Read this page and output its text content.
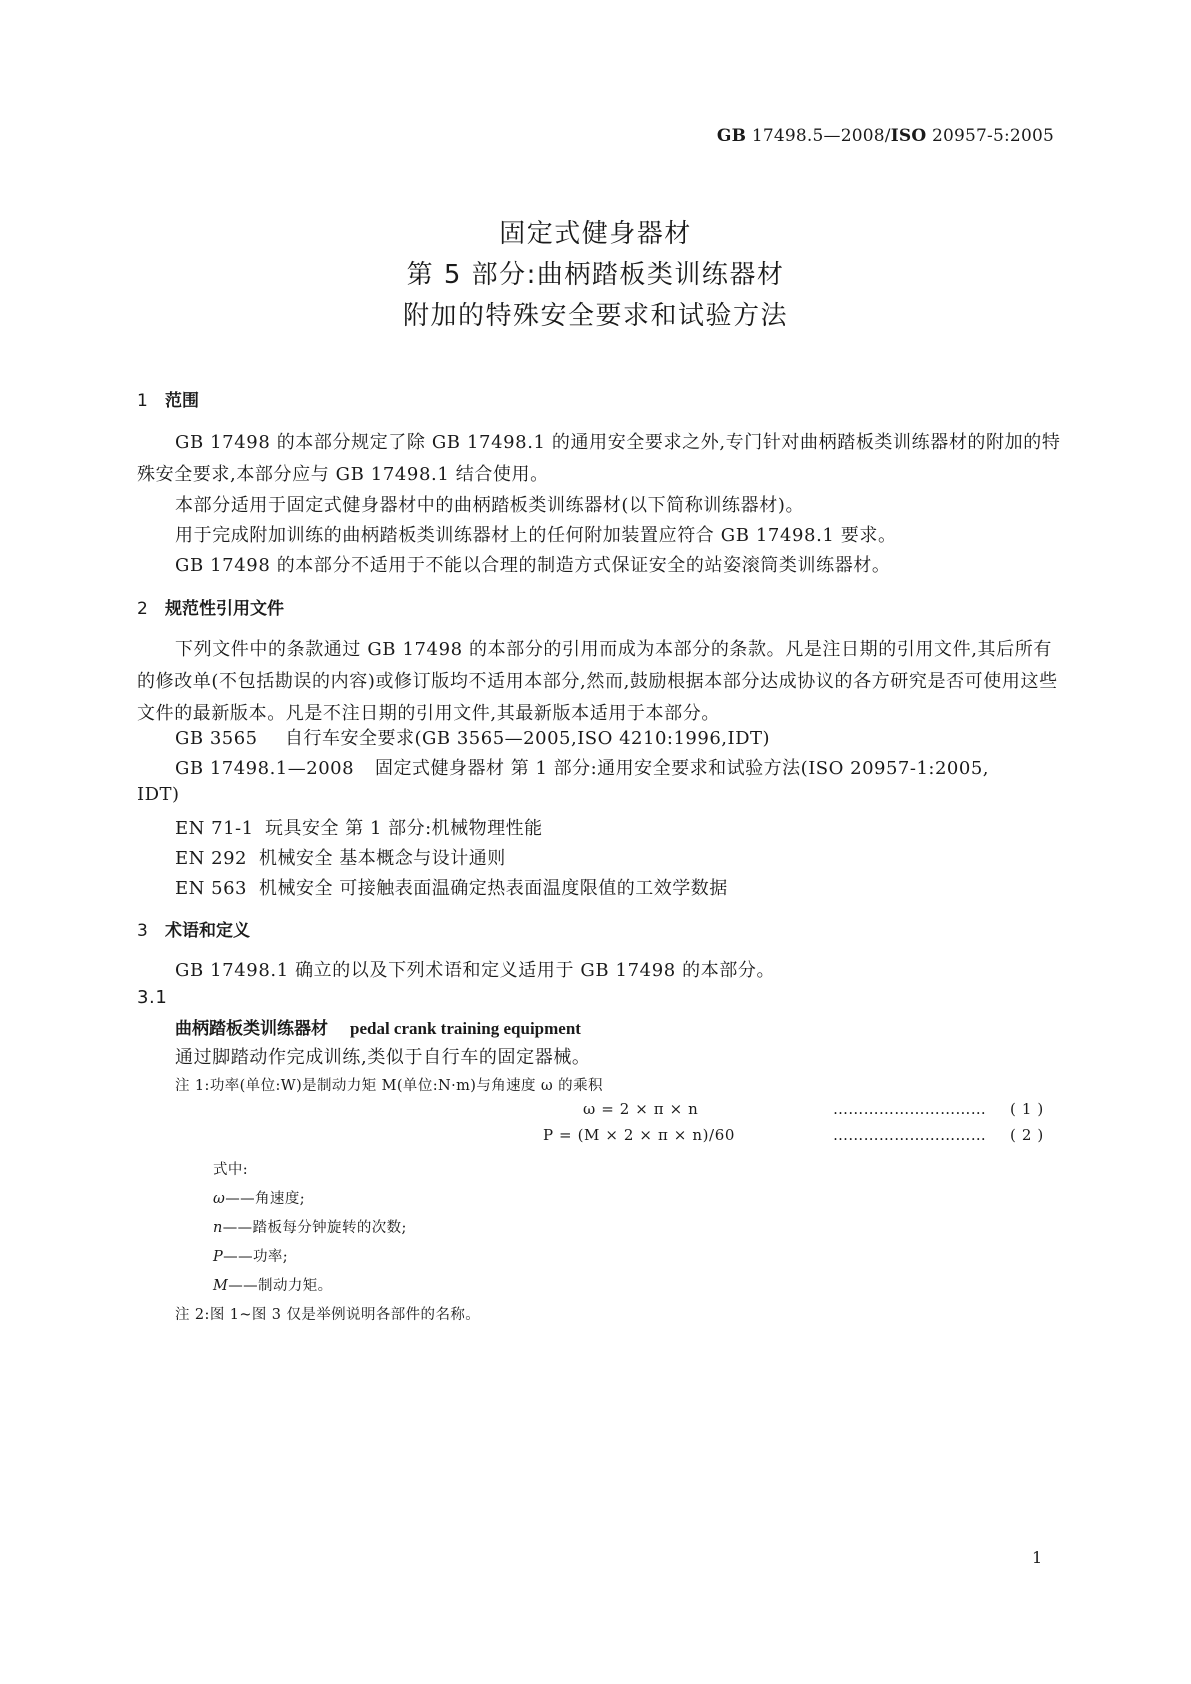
GB 17498.5—2008/ISO 20957-5:2005

固定式健身器材

第 5 部分:曲柄踏板类训练器材

附加的特殊安全要求和试验方法

1 范围

GB 17498 的本部分规定了除 GB 17498.1 的通用安全要求之外,专门针对曲柄踏板类训练器材的附加的特殊安全要求,本部分应与 GB 17498.1 结合使用。

本部分适用于固定式健身器材中的曲柄踏板类训练器材(以下简称训练器材)。

用于完成附加训练的曲柄踏板类训练器材上的任何附加装置应符合 GB 17498.1 要求。

GB 17498 的本部分不适用于不能以合理的制造方式保证安全的站姿滚筒类训练器材。

2 规范性引用文件

下列文件中的条款通过 GB 17498 的本部分的引用而成为本部分的条款。凡是注日期的引用文件,其后所有的修改单(不包括勘误的内容)或修订版均不适用本部分,然而,鼓励根据本部分达成协议的各方研究是否可使用这些文件的最新版本。凡是不注日期的引用文件,其最新版本适用于本部分。

GB 3565 自行车安全要求(GB 3565—2005,ISO 4210:1996,IDT)

GB 17498.1—2008 固定式健身器材 第 1 部分:通用安全要求和试验方法(ISO 20957-1:2005,

IDT)

EN 71-1 玩具安全 第 1 部分:机械物理性能

EN 292 机械安全 基本概念与设计通则

EN 563 机械安全 可接触表面温确定热表面温度限值的工效学数据

3 术语和定义

GB 17498.1 确立的以及下列术语和定义适用于 GB 17498 的本部分。

3.1

曲柄踏板类训练器材 pedal crank training equipment

通过脚踏动作完成训练,类似于自行车的固定器械。

注 1:功率(单位:W)是制动力矩 M(单位:N·m)与角速度 ω 的乘积

ω = 2 × π × n	………………………… ( 1 )

P = (M × 2 × π × n)/60	………………………… ( 2 )

式中:

ω——角速度;

n——踏板每分钟旋转的次数;

P——功率;

M——制动力矩。

注 2:图 1~图 3 仅是举例说明各部件的名称。

1
